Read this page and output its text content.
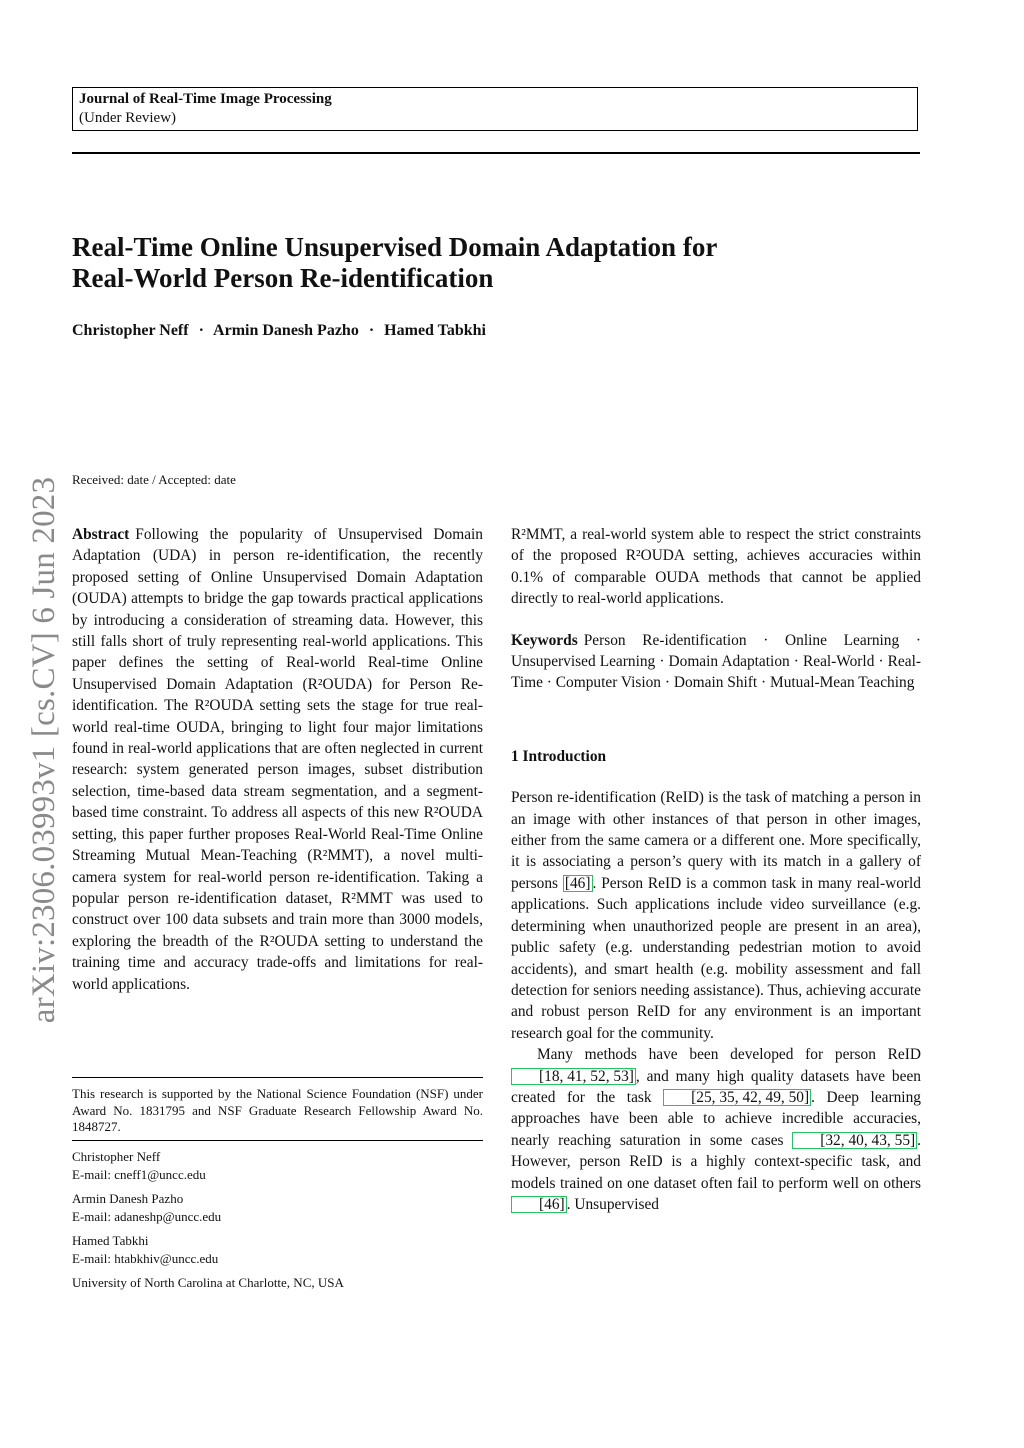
Journal of Real-Time Image Processing
(Under Review)
Real-Time Online Unsupervised Domain Adaptation for
Real-World Person Re-identification
Christopher Neff · Armin Danesh Pazho · Hamed Tabkhi
arXiv:2306.03993v1 [cs.CV] 6 Jun 2023 Received: date / Accepted: date

Abstract Following the popularity of Unsupervised Domain Adaptation (UDA) in person re-identification, the recently proposed setting of Online Unsupervised Domain Adaptation (OUDA) attempts to bridge the gap towards practical applications by introducing a consideration of streaming data. However, this still falls short of truly representing real-world applications. This paper defines the setting of Real-world Real-time Online Unsupervised Domain Adaptation (R²OUDA) for Person Re-identification. The R²OUDA setting sets the stage for true real-world real-time OUDA, bringing to light four major limitations found in real-world applications that are often neglected in current research: system generated person images, subset distribution selection, time-based data stream segmentation, and a segment-based time constraint. To address all aspects of this new R²OUDA setting, this paper further proposes Real-World Real-Time Online Streaming Mutual Mean-Teaching (R²MMT), a novel multi-camera system for real-world person re-identification. Taking a popular person re-identification dataset, R²MMT was used to construct over 100 data subsets and train more than 3000 models, exploring the breadth of the R²OUDA setting to understand the training time and accuracy trade-offs and limitations for real-world applications.

This research is supported by the National Science Foundation (NSF) under Award No. 1831795 and NSF Graduate Research Fellowship Award No. 1848727.
Christopher Neff
E-mail: cneff1@uncc.edu
Armin Danesh Pazho
E-mail: adaneshp@uncc.edu
Hamed Tabkhi
E-mail: htabkhiv@uncc.edu
University of North Carolina at Charlotte, NC, USA

R²MMT, a real-world system able to respect the strict constraints of the proposed R²OUDA setting, achieves accuracies within 0.1% of comparable OUDA methods that cannot be applied directly to real-world applications.

Keywords Person Re-identification · Online Learning · Unsupervised Learning · Domain Adaptation · Real-World · Real-Time · Computer Vision · Domain Shift · Mutual-Mean Teaching

1 Introduction

Person re-identification (ReID) is the task of matching a person in an image with other instances of that person in other images, either from the same camera or a different one. More specifically, it is associating a person’s query with its match in a gallery of persons [46] . Person ReID is a common task in many real-world applications. Such applications include video surveillance (e.g. determining when unauthorized people are present in an area), public safety (e.g. understanding pedestrian motion to avoid accidents), and smart health (e.g. mobility assessment and fall detection for seniors needing assistance). Thus, achieving accurate and robust person ReID for any environment is an important research goal for the community.

Many methods have been developed for person ReID [18, 41, 52, 53] , and many high quality datasets have been created for the task	[25, 35, 42, 49, 50] . Deep learning approaches have been able to achieve incredible accuracies, nearly reaching saturation in some cases [32, 40, 43, 55] . However, person ReID is a highly context-specific task, and models trained on one dataset often fail to perform well on others [46] . Unsupervised
